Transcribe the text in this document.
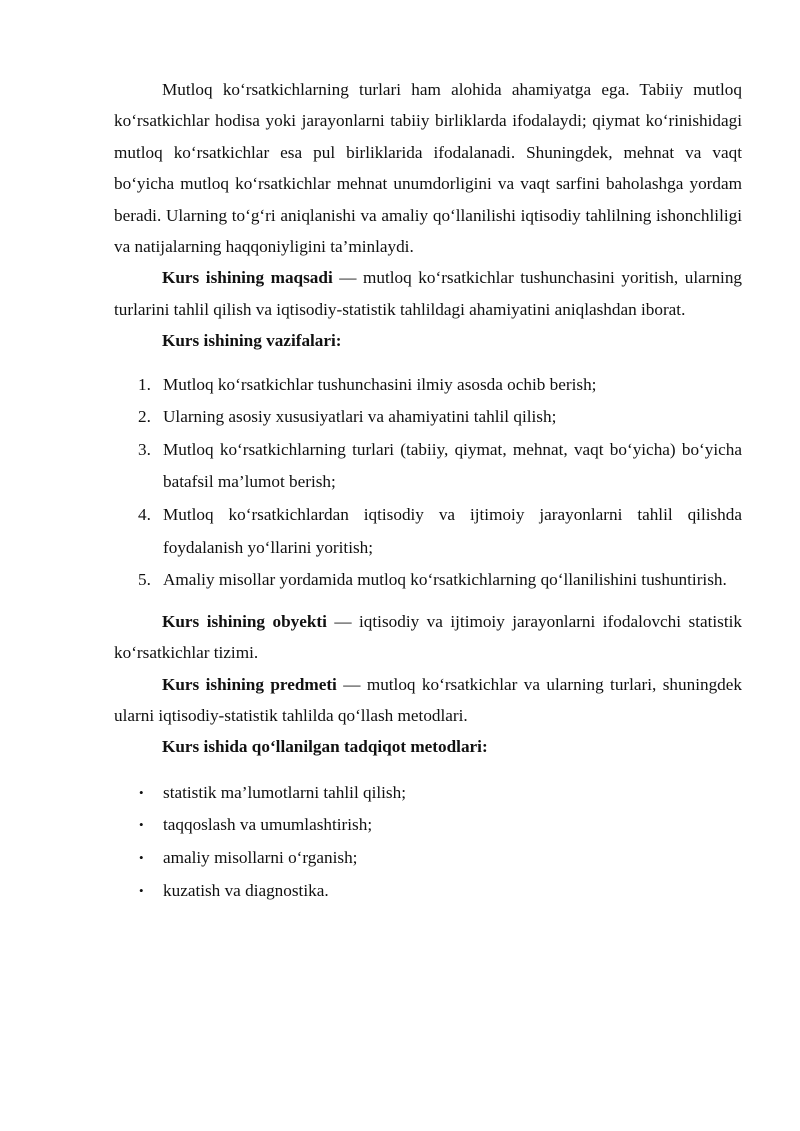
Mutloq ko‘rsatkichlarning turlari ham alohida ahamiyatga ega. Tabiiy mutloq ko‘rsatkichlar hodisa yoki jarayonlarni tabiiy birliklarda ifodalaydi; qiymat ko‘rinishidagi mutloq ko‘rsatkichlar esa pul birliklarida ifodalanadi. Shuningdek, mehnat va vaqt bo‘yicha mutloq ko‘rsatkichlar mehnat unumdorligini va vaqt sarfini baholashga yordam beradi. Ularning to‘g‘ri aniqlanishi va amaliy qo‘llanilishi iqtisodiy tahlilning ishonchliligi va natijalarning haqqoniyligini ta’minlaydi.

Kurs ishining maqsadi — mutloq ko‘rsatkichlar tushunchasini yoritish, ularning turlarini tahlil qilish va iqtisodiy-statistik tahlildagi ahamiyatini aniqlashdan iborat.

Kurs ishining vazifalari:
1. Mutloq ko‘rsatkichlar tushunchasini ilmiy asosda ochib berish;
2. Ularning asosiy xususiyatlari va ahamiyatini tahlil qilish;
3. Mutloq ko‘rsatkichlarning turlari (tabiiy, qiymat, mehnat, vaqt bo‘yicha) bo‘yicha batafsil ma’lumot berish;
4. Mutloq ko‘rsatkichlardan iqtisodiy va ijtimoiy jarayonlarni tahlil qilishda foydalanish yo‘llarini yoritish;
5. Amaliy misollar yordamida mutloq ko‘rsatkichlarning qo‘llanilishini tushuntirish.

Kurs ishining obyekti — iqtisodiy va ijtimoiy jarayonlarni ifodalovchi statistik ko‘rsatkichlar tizimi.

Kurs ishining predmeti — mutloq ko‘rsatkichlar va ularning turlari, shuningdek ularni iqtisodiy-statistik tahlilda qo‘llash metodlari.

Kurs ishida qo‘llanilgan tadqiqot metodlari:
• statistik ma’lumotlarni tahlil qilish;
• taqqoslash va umumlashtirish;
• amaliy misollarni o‘rganish;
• kuzatish va diagnostika.
